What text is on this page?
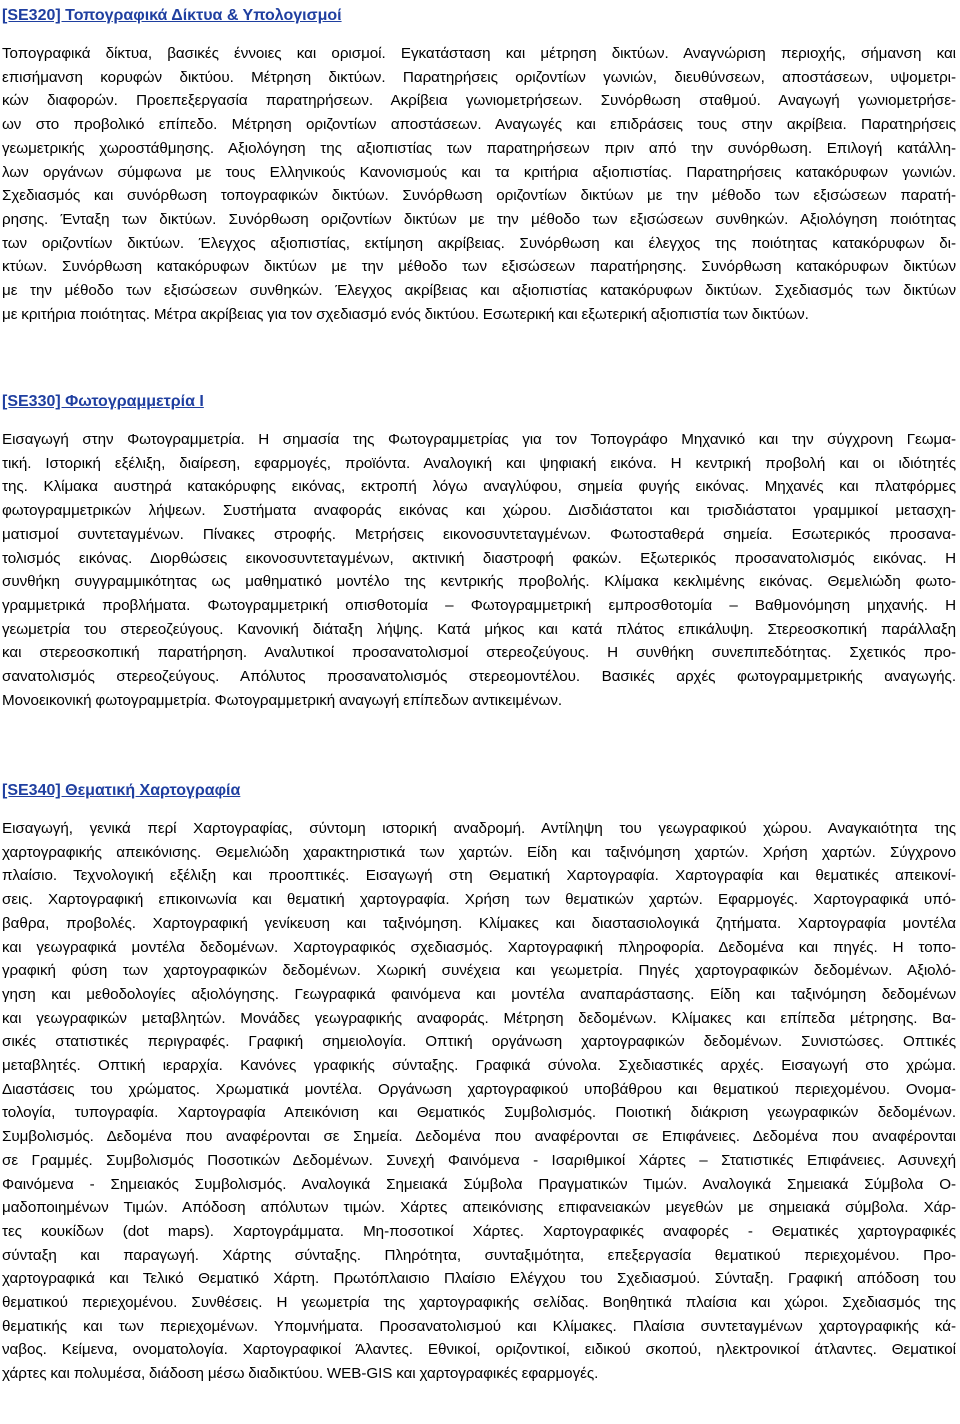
[SE320] Τοπογραφικά Δίκτυα & Υπολογισμοί
Τοπογραφικά δίκτυα, βασικές έννοιες και ορισμοί. Εγκατάσταση και μέτρηση δικτύων. Αναγνώριση περιοχής, σήμανση και
επισήμανση κορυφών δικτύου. Μέτρηση δικτύων. Παρατηρήσεις οριζοντίων γωνιών, διευθύνσεων, αποστάσεων, υψομετρι-
κών διαφορών. Προεπεξεργασία παρατηρήσεων. Ακρίβεια γωνιομετρήσεων. Συνόρθωση σταθμού. Αναγωγή γωνιομετρήσε-
ων στο προβολικό επίπεδο. Μέτρηση οριζοντίων αποστάσεων. Αναγωγές και επιδράσεις τους στην ακρίβεια. Παρατηρήσεις
γεωμετρικής χωροστάθμησης. Αξιολόγηση της αξιοπιστίας των παρατηρήσεων πριν από την συνόρθωση. Επιλογή κατάλλη-
λων οργάνων σύμφωνα με τους Ελληνικούς Κανονισμούς και τα κριτήρια αξιοπιστίας. Παρατηρήσεις κατακόρυφων γωνιών.
Σχεδιασμός και συνόρθωση τοπογραφικών δικτύων. Συνόρθωση οριζοντίων δικτύων με την μέθοδο των εξισώσεων παρατή-
ρησης. Ένταξη των δικτύων. Συνόρθωση οριζοντίων δικτύων με την μέθοδο των εξισώσεων συνθηκών. Αξιολόγηση ποιότητας
των οριζοντίων δικτύων. Έλεγχος αξιοπιστίας, εκτίμηση ακρίβειας. Συνόρθωση και έλεγχος της ποιότητας κατακόρυφων δι-
κτύων. Συνόρθωση κατακόρυφων δικτύων με την μέθοδο των εξισώσεων παρατήρησης. Συνόρθωση κατακόρυφων δικτύων
με την μέθοδο των εξισώσεων συνθηκών. Έλεγχος ακρίβειας και αξιοπιστίας κατακόρυφων δικτύων. Σχεδιασμός των δικτύων
με κριτήρια ποιότητας. Μέτρα ακρίβειας για τον σχεδιασμό ενός δικτύου. Εσωτερική και εξωτερική αξιοπιστία των δικτύων.
[SE330] Φωτογραμμετρία Ι
Εισαγωγή στην Φωτογραμμετρία. Η σημασία της Φωτογραμμετρίας για τον Τοπογράφο Μηχανικό και την σύγχρονη Γεωμα-
τική. Ιστορική εξέλιξη, διαίρεση, εφαρμογές, προϊόντα. Αναλογική και ψηφιακή εικόνα. Η κεντρική προβολή και οι ιδιότητές
της. Κλίμακα αυστηρά κατακόρυφης εικόνας, εκτροπή λόγω αναγλύφου, σημεία φυγής εικόνας. Μηχανές και πλατφόρμες
φωτογραμμετρικών λήψεων. Συστήματα αναφοράς εικόνας και χώρου. Δισδιάστατοι και τρισδιάστατοι γραμμικοί μετασχη-
ματισμοί συντεταγμένων. Πίνακες στροφής. Μετρήσεις εικονοσυντεταγμένων. Φωτοσταθερά σημεία. Εσωτερικός προσανα-
τολισμός εικόνας. Διορθώσεις εικονοσυντεταγμένων, ακτινική διαστροφή φακών. Εξωτερικός προσανατολισμός εικόνας. Η
συνθήκη συγγραμμικότητας ως μαθηματικό μοντέλο της κεντρικής προβολής. Κλίμακα κεκλιμένης εικόνας. Θεμελιώδη φωτο-
γραμμετρικά προβλήματα. Φωτογραμμετρική οπισθοτομία – Φωτογραμμετρική εμπροσθοτομία – Βαθμονόμηση μηχανής. Η
γεωμετρία του στερεοζεύγους. Κανονική διάταξη λήψης. Κατά μήκος και κατά πλάτος επικάλυψη. Στερεοσκοπική παράλλαξη
και στερεοσκοπική παρατήρηση. Αναλυτικοί προσανατολισμοί στερεοζεύγους. Η συνθήκη συνεπιπεδότητας. Σχετικός προ-
σανατολισμός στερεοζεύγους. Απόλυτος προσανατολισμός στερεομοντέλου. Βασικές αρχές φωτογραμμετρικής αναγωγής.
Μονοεικονική φωτογραμμετρία. Φωτογραμμετρική αναγωγή επίπεδων αντικειμένων.
[SE340] Θεματική Χαρτογραφία
Εισαγωγή, γενικά περί Χαρτογραφίας, σύντομη ιστορική αναδρομή. Αντίληψη του γεωγραφικού χώρου. Αναγκαιότητα της
χαρτογραφικής απεικόνισης. Θεμελιώδη χαρακτηριστικά των χαρτών. Είδη και ταξινόμηση χαρτών. Χρήση χαρτών. Σύγχρονο
πλαίσιο. Τεχνολογική εξέλιξη και προοπτικές. Εισαγωγή στη Θεματική Χαρτογραφία. Χαρτογραφία και θεματικές απεικονί-
σεις. Χαρτογραφική επικοινωνία και θεματική χαρτογραφία. Χρήση των θεματικών χαρτών. Εφαρμογές. Χαρτογραφικά υπό-
βαθρα, προβολές. Χαρτογραφική γενίκευση και ταξινόμηση. Κλίμακες και διαστασιολογικά ζητήματα. Χαρτογραφία μοντέλα
και γεωγραφικά μοντέλα δεδομένων. Χαρτογραφικός σχεδιασμός. Χαρτογραφική πληροφορία. Δεδομένα και πηγές. Η τοπο-
γραφική φύση των χαρτογραφικών δεδομένων. Χωρική συνέχεια και γεωμετρία. Πηγές χαρτογραφικών δεδομένων. Αξιολό-
γηση και μεθοδολογίες αξιολόγησης. Γεωγραφικά φαινόμενα και μοντέλα αναπαράστασης. Είδη και ταξινόμηση δεδομένων
και γεωγραφικών μεταβλητών. Μονάδες γεωγραφικής αναφοράς. Μέτρηση δεδομένων. Κλίμακες και επίπεδα μέτρησης. Βα-
σικές στατιστικές περιγραφές. Γραφική σημειολογία. Οπτική οργάνωση χαρτογραφικών δεδομένων. Συνιστώσες. Οπτικές
μεταβλητές. Οπτική ιεραρχία. Κανόνες γραφικής σύνταξης. Γραφικά σύνολα. Σχεδιαστικές αρχές. Εισαγωγή στο χρώμα.
Διαστάσεις του χρώματος. Χρωματικά μοντέλα. Οργάνωση χαρτογραφικού υποβάθρου και θεματικού περιεχομένου. Ονομα-
τολογία, τυπογραφία. Χαρτογραφία Απεικόνιση και Θεματικός Συμβολισμός. Ποιοτική διάκριση γεωγραφικών δεδομένων.
Συμβολισμός. Δεδομένα που αναφέρονται σε Σημεία. Δεδομένα που αναφέρονται σε Επιφάνειες. Δεδομένα που αναφέρονται
σε Γραμμές. Συμβολισμός Ποσοτικών Δεδομένων. Συνεχή Φαινόμενα - Ισαριθμικοί Χάρτες – Στατιστικές Επιφάνειες. Ασυνεχή
Φαινόμενα - Σημειακός Συμβολισμός. Αναλογικά Σημειακά Σύμβολα Πραγματικών Τιμών. Αναλογικά Σημειακά Σύμβολα Ο-
μαδοποιημένων Τιμών. Απόδοση απόλυτων τιμών. Χάρτες απεικόνισης επιφανειακών μεγεθών με σημειακά σύμβολα. Χάρ-
τες κουκίδων (dot maps). Χαρτογράμματα. Μη-ποσοτικοί Χάρτες. Χαρτογραφικές αναφορές - Θεματικές χαρτογραφικές
σύνταξη και παραγωγή. Χάρτης σύνταξης. Πληρότητα, συνταξιμότητα, επεξεργασία θεματικού περιεχομένου. Προ-
χαρτογραφικά και Τελικό Θεματικό Χάρτη. Πρωτόπλαισιο Πλαίσιο Ελέγχου του Σχεδιασμού. Σύνταξη. Γραφική απόδοση του
θεματικού περιεχομένου. Συνθέσεις. Η γεωμετρία της χαρτογραφικής σελίδας. Βοηθητικά πλαίσια και χώροι. Σχεδιασμός της
θεματικής και των περιεχομένων. Υπομνήματα. Προσανατολισμού και Κλίμακες. Πλαίσια συντεταγμένων χαρτογραφικής κά-
ναβος. Κείμενα, ονοματολογία. Χαρτογραφικοί Άλαντες. Εθνικοί, οριζοντικοί, ειδικού σκοπού, ηλεκτρονικοί άτλαντες. Θεματικοί
χάρτες και πολυμέσα, διάδοση μέσω διαδικτύου. WEB-GIS και χαρτογραφικές εφαρμογές.
